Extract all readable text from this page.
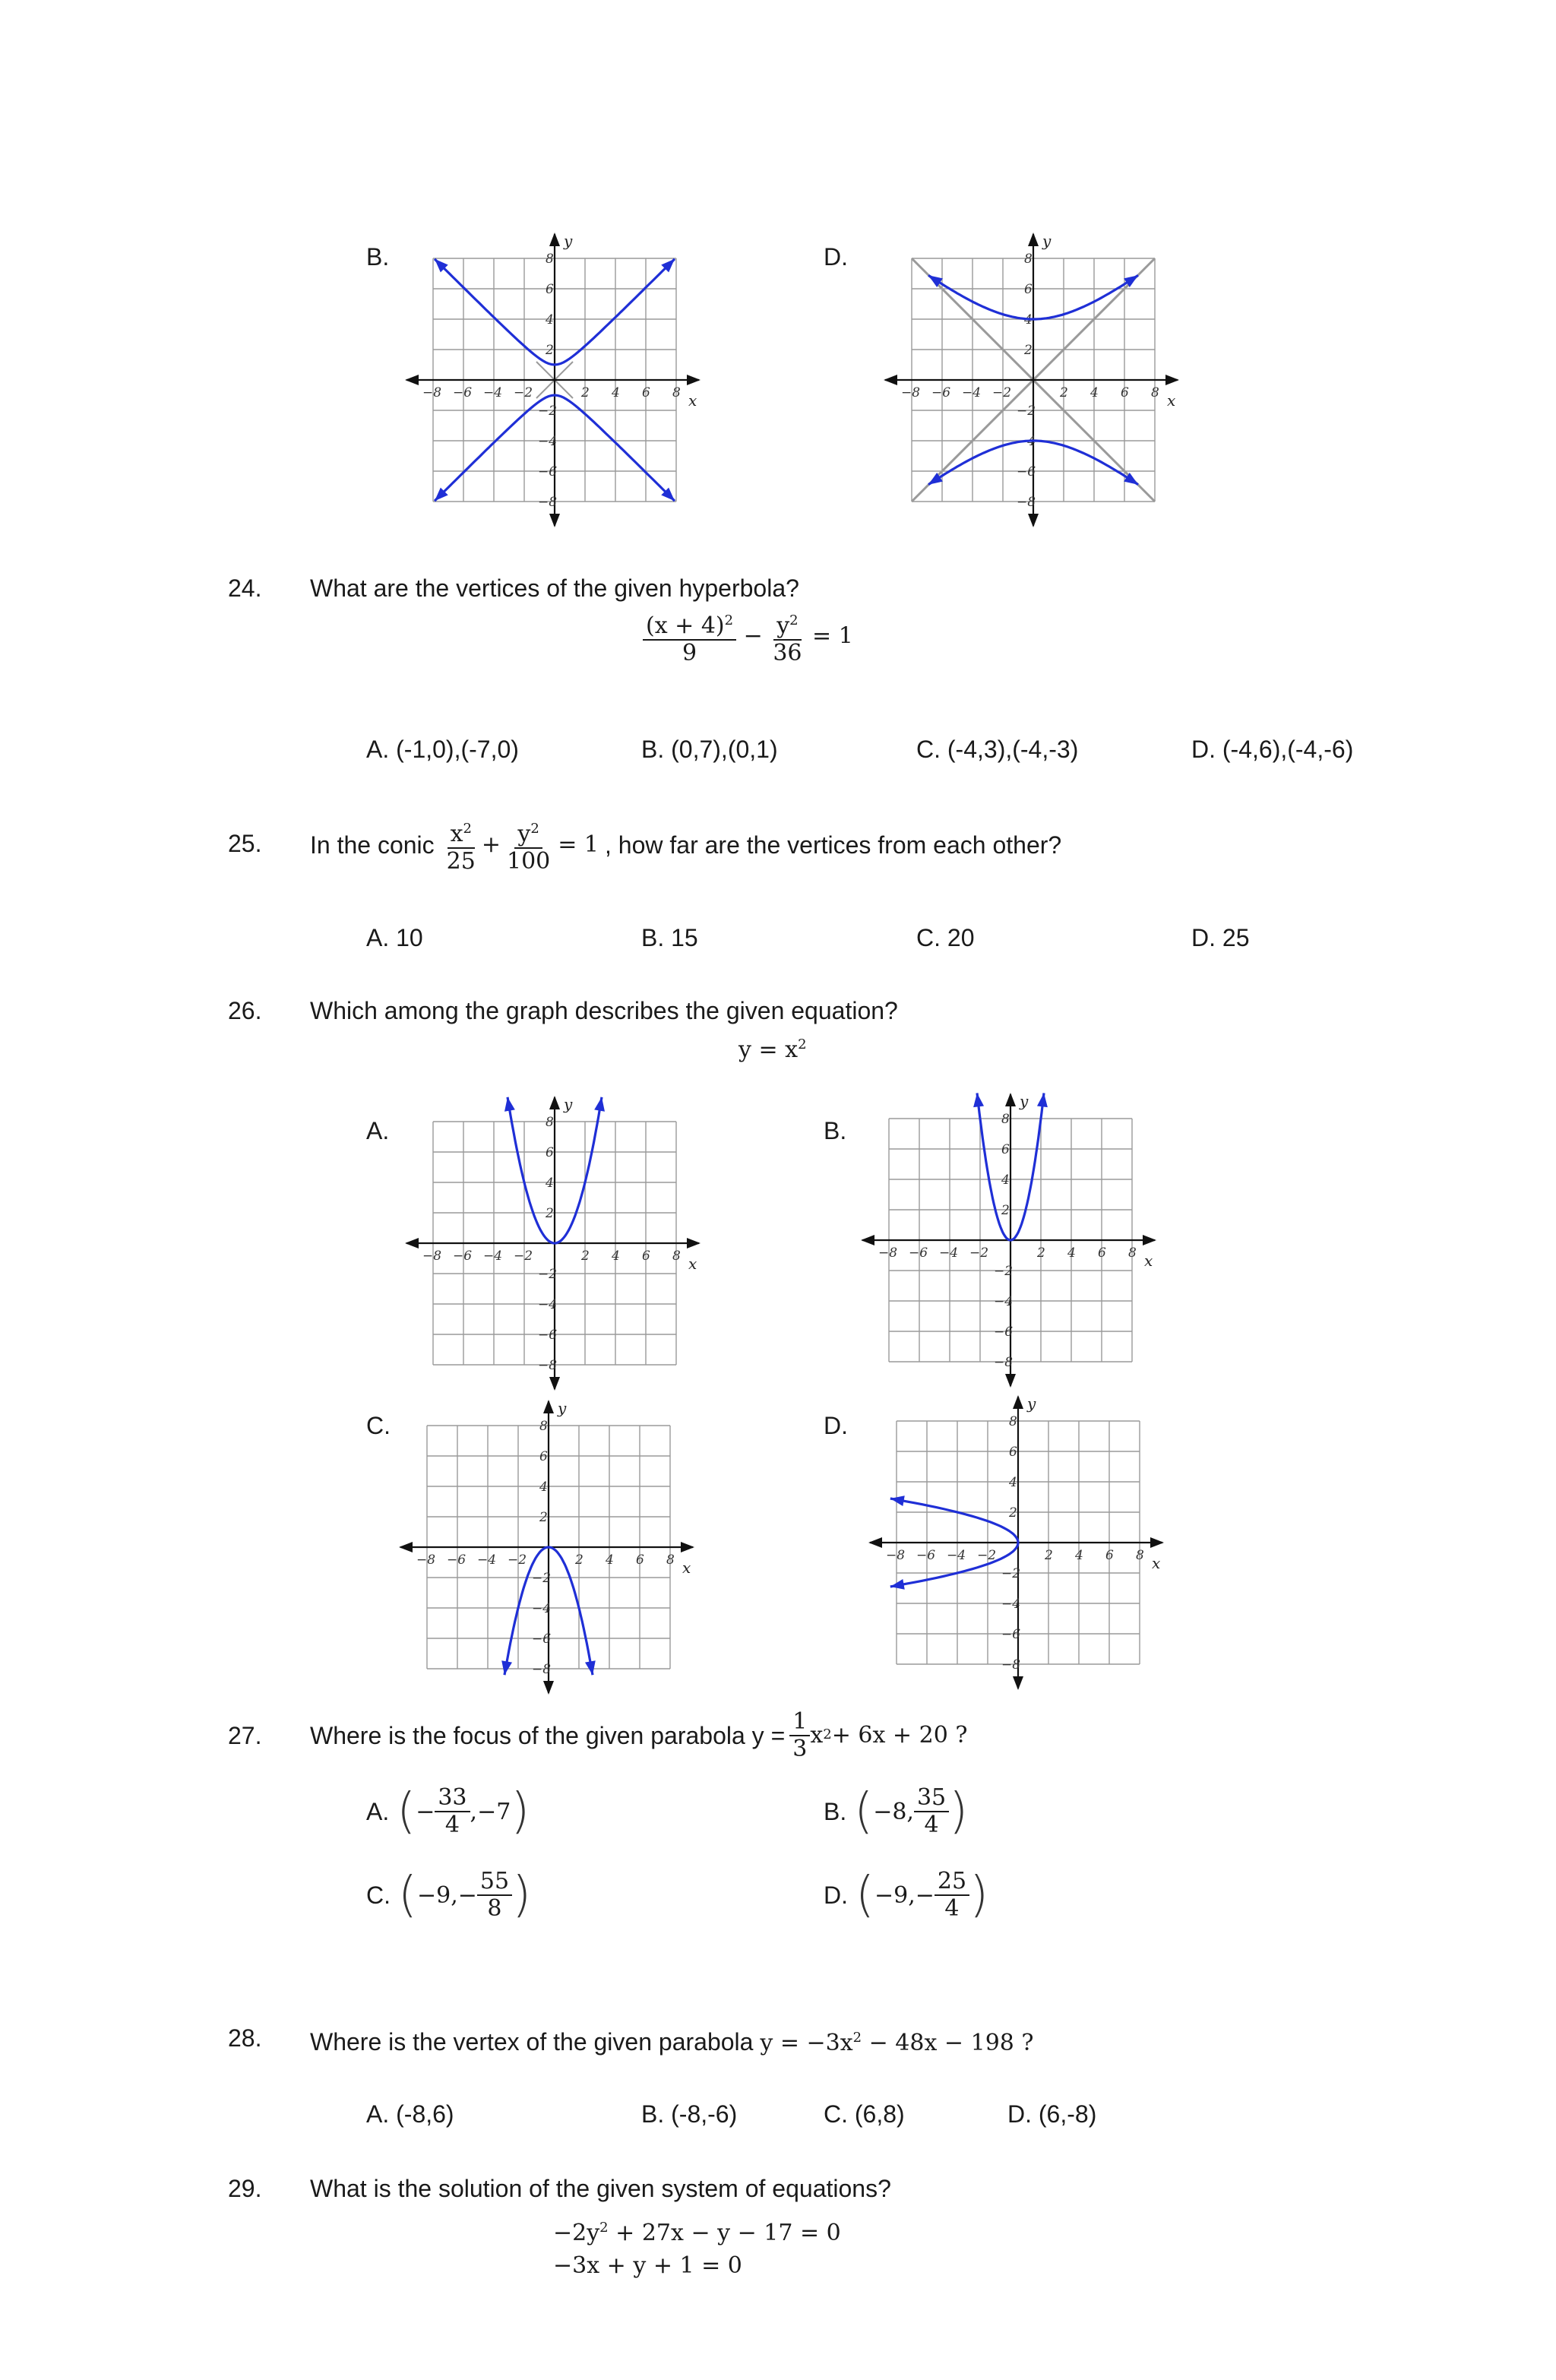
B.
x
y
−8 −6 −4 −2	2 4 6 8
8
6
4
2
−2
−4
−6
−8
D.
x
y
−8 −6 −4 −2	2 4 6 8
8
6
4
2
−2
−4
−6
−8
24. What are the vertices of the given hyperbola?
$\frac{(x + 4)^2}{9} - \frac{y^2}{36} = 1$
A. (-1,0),(-7,0)	B. (0,7),(0,1)	C. (-4,3),(-4,-3)	D. (-4,6),(-4,-6)
25. In the conic $\frac{x^2}{25} + \frac{y^2}{100} = 1$ , how far are the vertices from each other?
A. 10	B. 15	C. 20	D. 25
26. Which among the graph describes the given equation?
$y = x^2$
A.
x
y
−8 −6 −4 −2	2 4 6 8
8
6
4
2
−2
−4
−6
−8
B.
x
y
−8 −6 −4 −2	2 4 6 8
8
6
4
2
−2
−4
−6
−8
C.
x
y
−8 −6 −4 −2	2 4 6 8
8
6
4
2
−2
−4
−6
−8
D.
x
y
−8 −6 −4 −2	2 4 6 8
8
6
4
2
−2
−4
−6
−8
27. Where is the focus of the given parabola $y = \frac{1}{3}$ x 2 + 6x + 20 ?
A. ( − $\frac{33}{4} ,-7$ )	B. ( −8, $\frac{35}{4}$ )
C. ( $-9,- \frac{55}{8}$ )	D. ( $-9,- \frac{25}{4}$ )
28. Where is the vertex of the given parabola $y = -3x^2 - 48x - 198$ ?
A. (-8,6)	B. (-8,-6)	C. (6,8)	D. (6,-8)
29. What is the solution of the given system of equations?
$-2y^2 + 27x - y - 17 = 0$
−3x + y + 1 = 0
